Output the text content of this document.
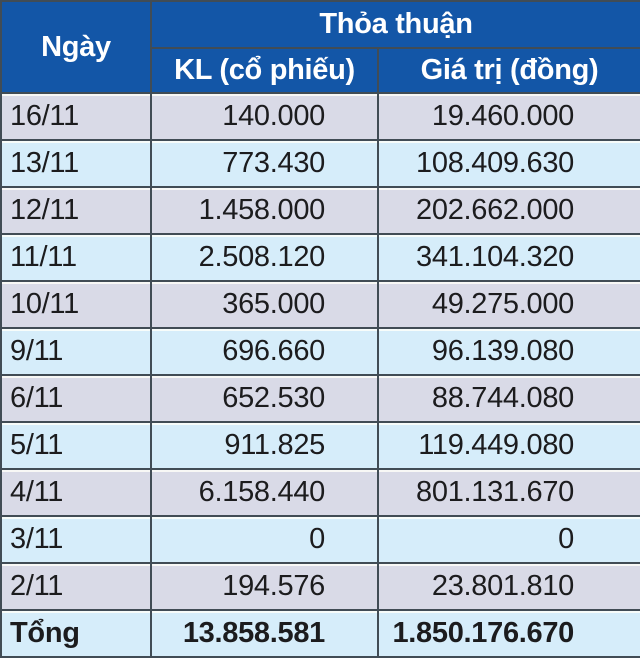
Ngày	Thỏa thuận	
	KL (cổ phiếu)	Giá trị (đồng)
16/11	140.000	19.460.000
13/11	773.430	108.409.630
12/11	1.458.000	202.662.000
11/11	2.508.120	341.104.320
10/11	365.000	49.275.000
9/11	696.660	96.139.080
6/11	652.530	88.744.080
5/11	911.825	119.449.080
4/11	6.158.440	801.131.670
3/11	0	0
2/11	194.576	23.801.810
Tổng	13.858.581	1.850.176.670
